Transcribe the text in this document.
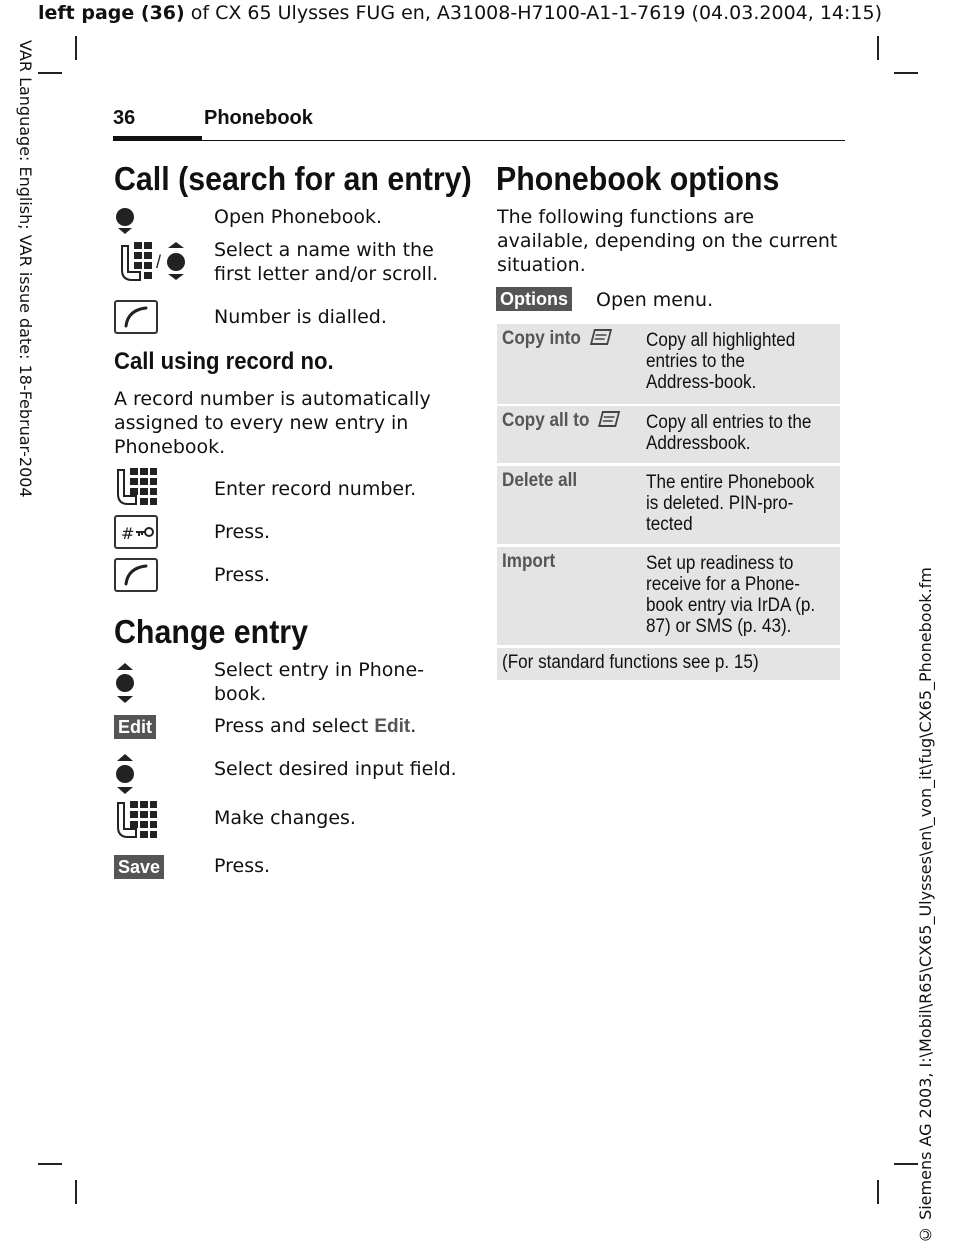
left page (36) of CX 65 Ulysses FUG en, A31008-H7100-A1-1-7619 (04.03.2004, 14:15)
VAR Language: English; VAR issue date: 18-Februar-2004
© Siemens AG 2003, I:\Mobil\R65\CX65_Ulysses\en\_von_it\fug\CX65_Phonebook.fm
36	Phonebook
Call (search for an entry)
Open Phonebook.
/
Select a name with the first letter and/or scroll.
Number is dialled.
Call using record no.
A record number is automatically assigned to every new entry in Phonebook.
Enter record number.
#	Press.
Press.
Change entry
Select entry in Phone-book.
Edit	Press and select Edit.
Select desired input field.
Make changes.
Save	Press.
Phonebook options
The following functions are available, depending on the current situation.
Options Open menu.
Copy into	Copy all highlighted entries to the Address-book.
Copy all to	Copy all entries to the Addressbook.
Delete all	The entire Phonebook is deleted. PIN-pro-tected
Import	Set up readiness to receive for a Phone-book entry via IrDA (p. 87) or SMS (p. 43).
(For standard functions see p. 15)
